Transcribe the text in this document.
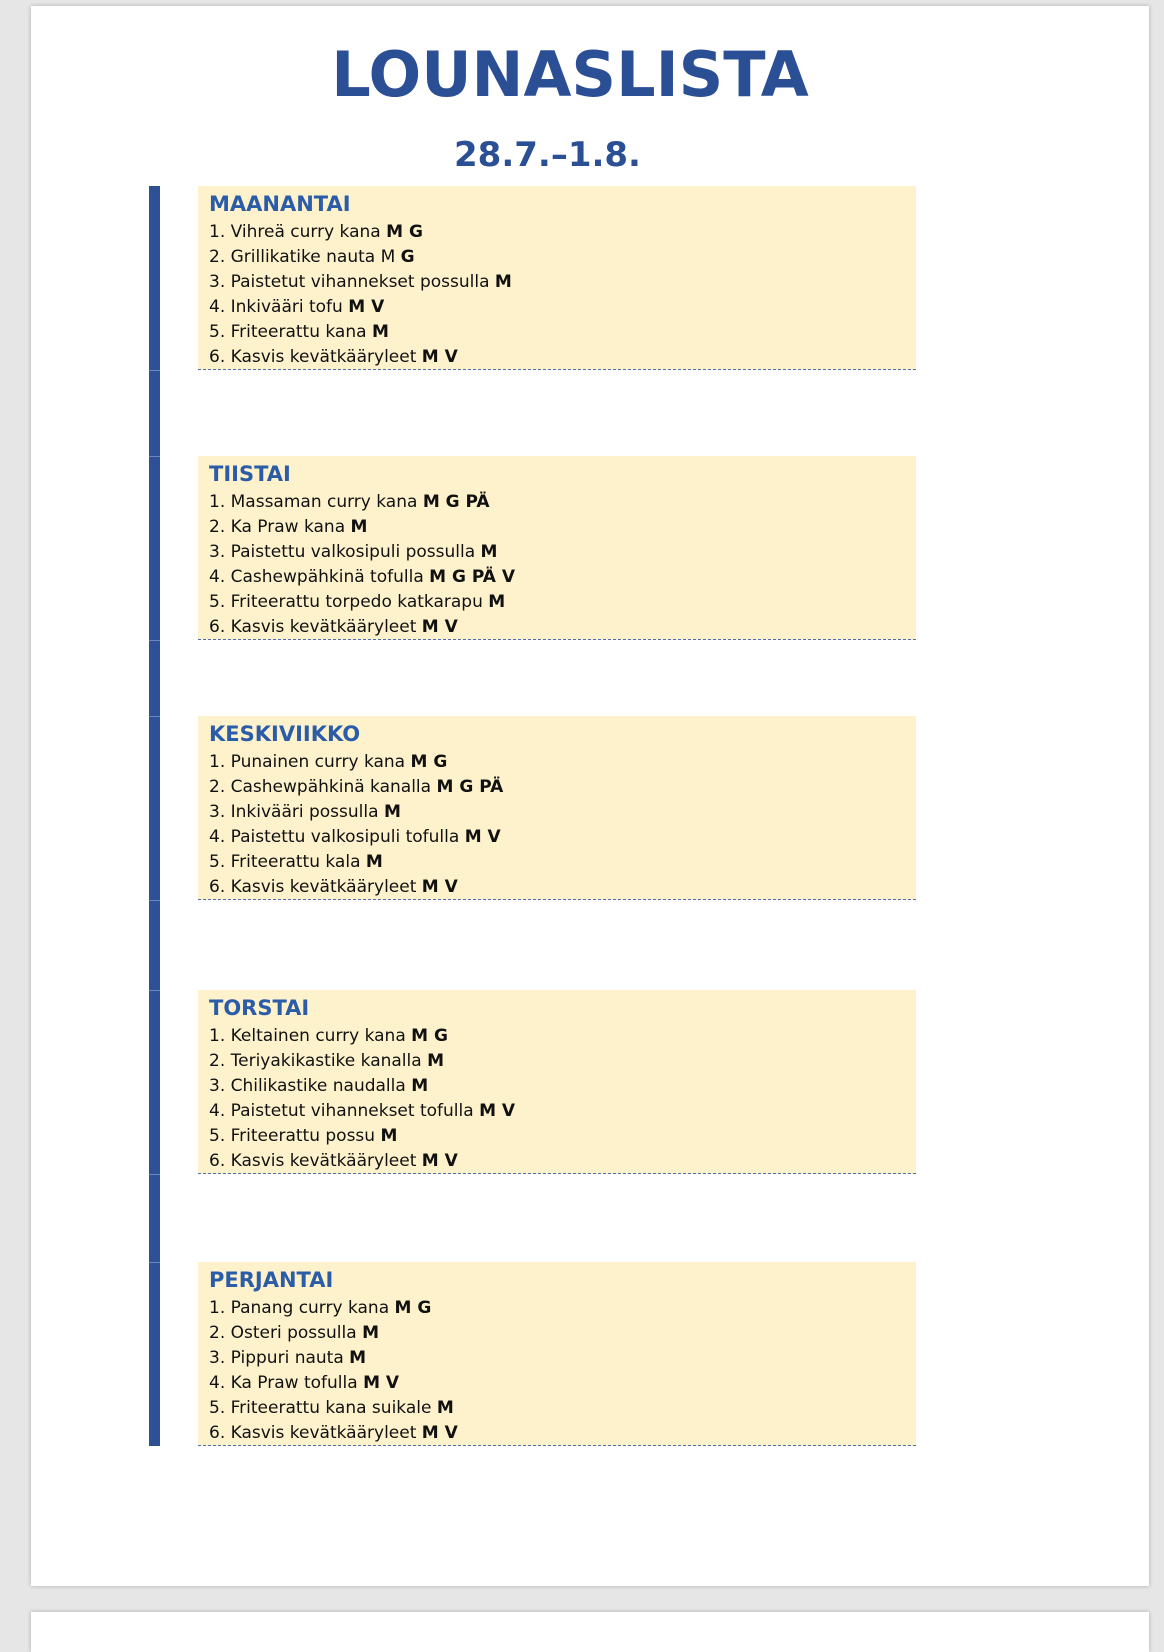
LOUNASLISTA
28.7.–1.8.
MAANANTAI
1. Vihreä curry kana M G
2. Grillikatike nauta M G
3. Paistetut vihannekset possulla M
4. Inkivääri tofu M V
5. Friteerattu kana M
6. Kasvis kevätkääryleet M V
TIISTAI
1. Massaman curry kana M G PÄ
2. Ka Praw kana M
3. Paistettu valkosipuli possulla M
4. Cashewpähkinä tofulla M G PÄ V
5. Friteerattu torpedo katkarapu M
6. Kasvis kevätkääryleet M V
KESKIVIIKKO
1. Punainen curry kana M G
2. Cashewpähkinä kanalla M G PÄ
3. Inkivääri possulla M
4. Paistettu valkosipuli tofulla M V
5. Friteerattu kala M
6. Kasvis kevätkääryleet M V
TORSTAI
1. Keltainen curry kana M G
2. Teriyakikastike kanalla M
3. Chilikastike naudalla M
4. Paistetut vihannekset tofulla M V
5. Friteerattu possu M
6. Kasvis kevätkääryleet M V
PERJANTAI
1. Panang curry kana M G
2. Osteri possulla M
3. Pippuri nauta M
4. Ka Praw tofulla M V
5. Friteerattu kana suikale M
6. Kasvis kevätkääryleet M V
